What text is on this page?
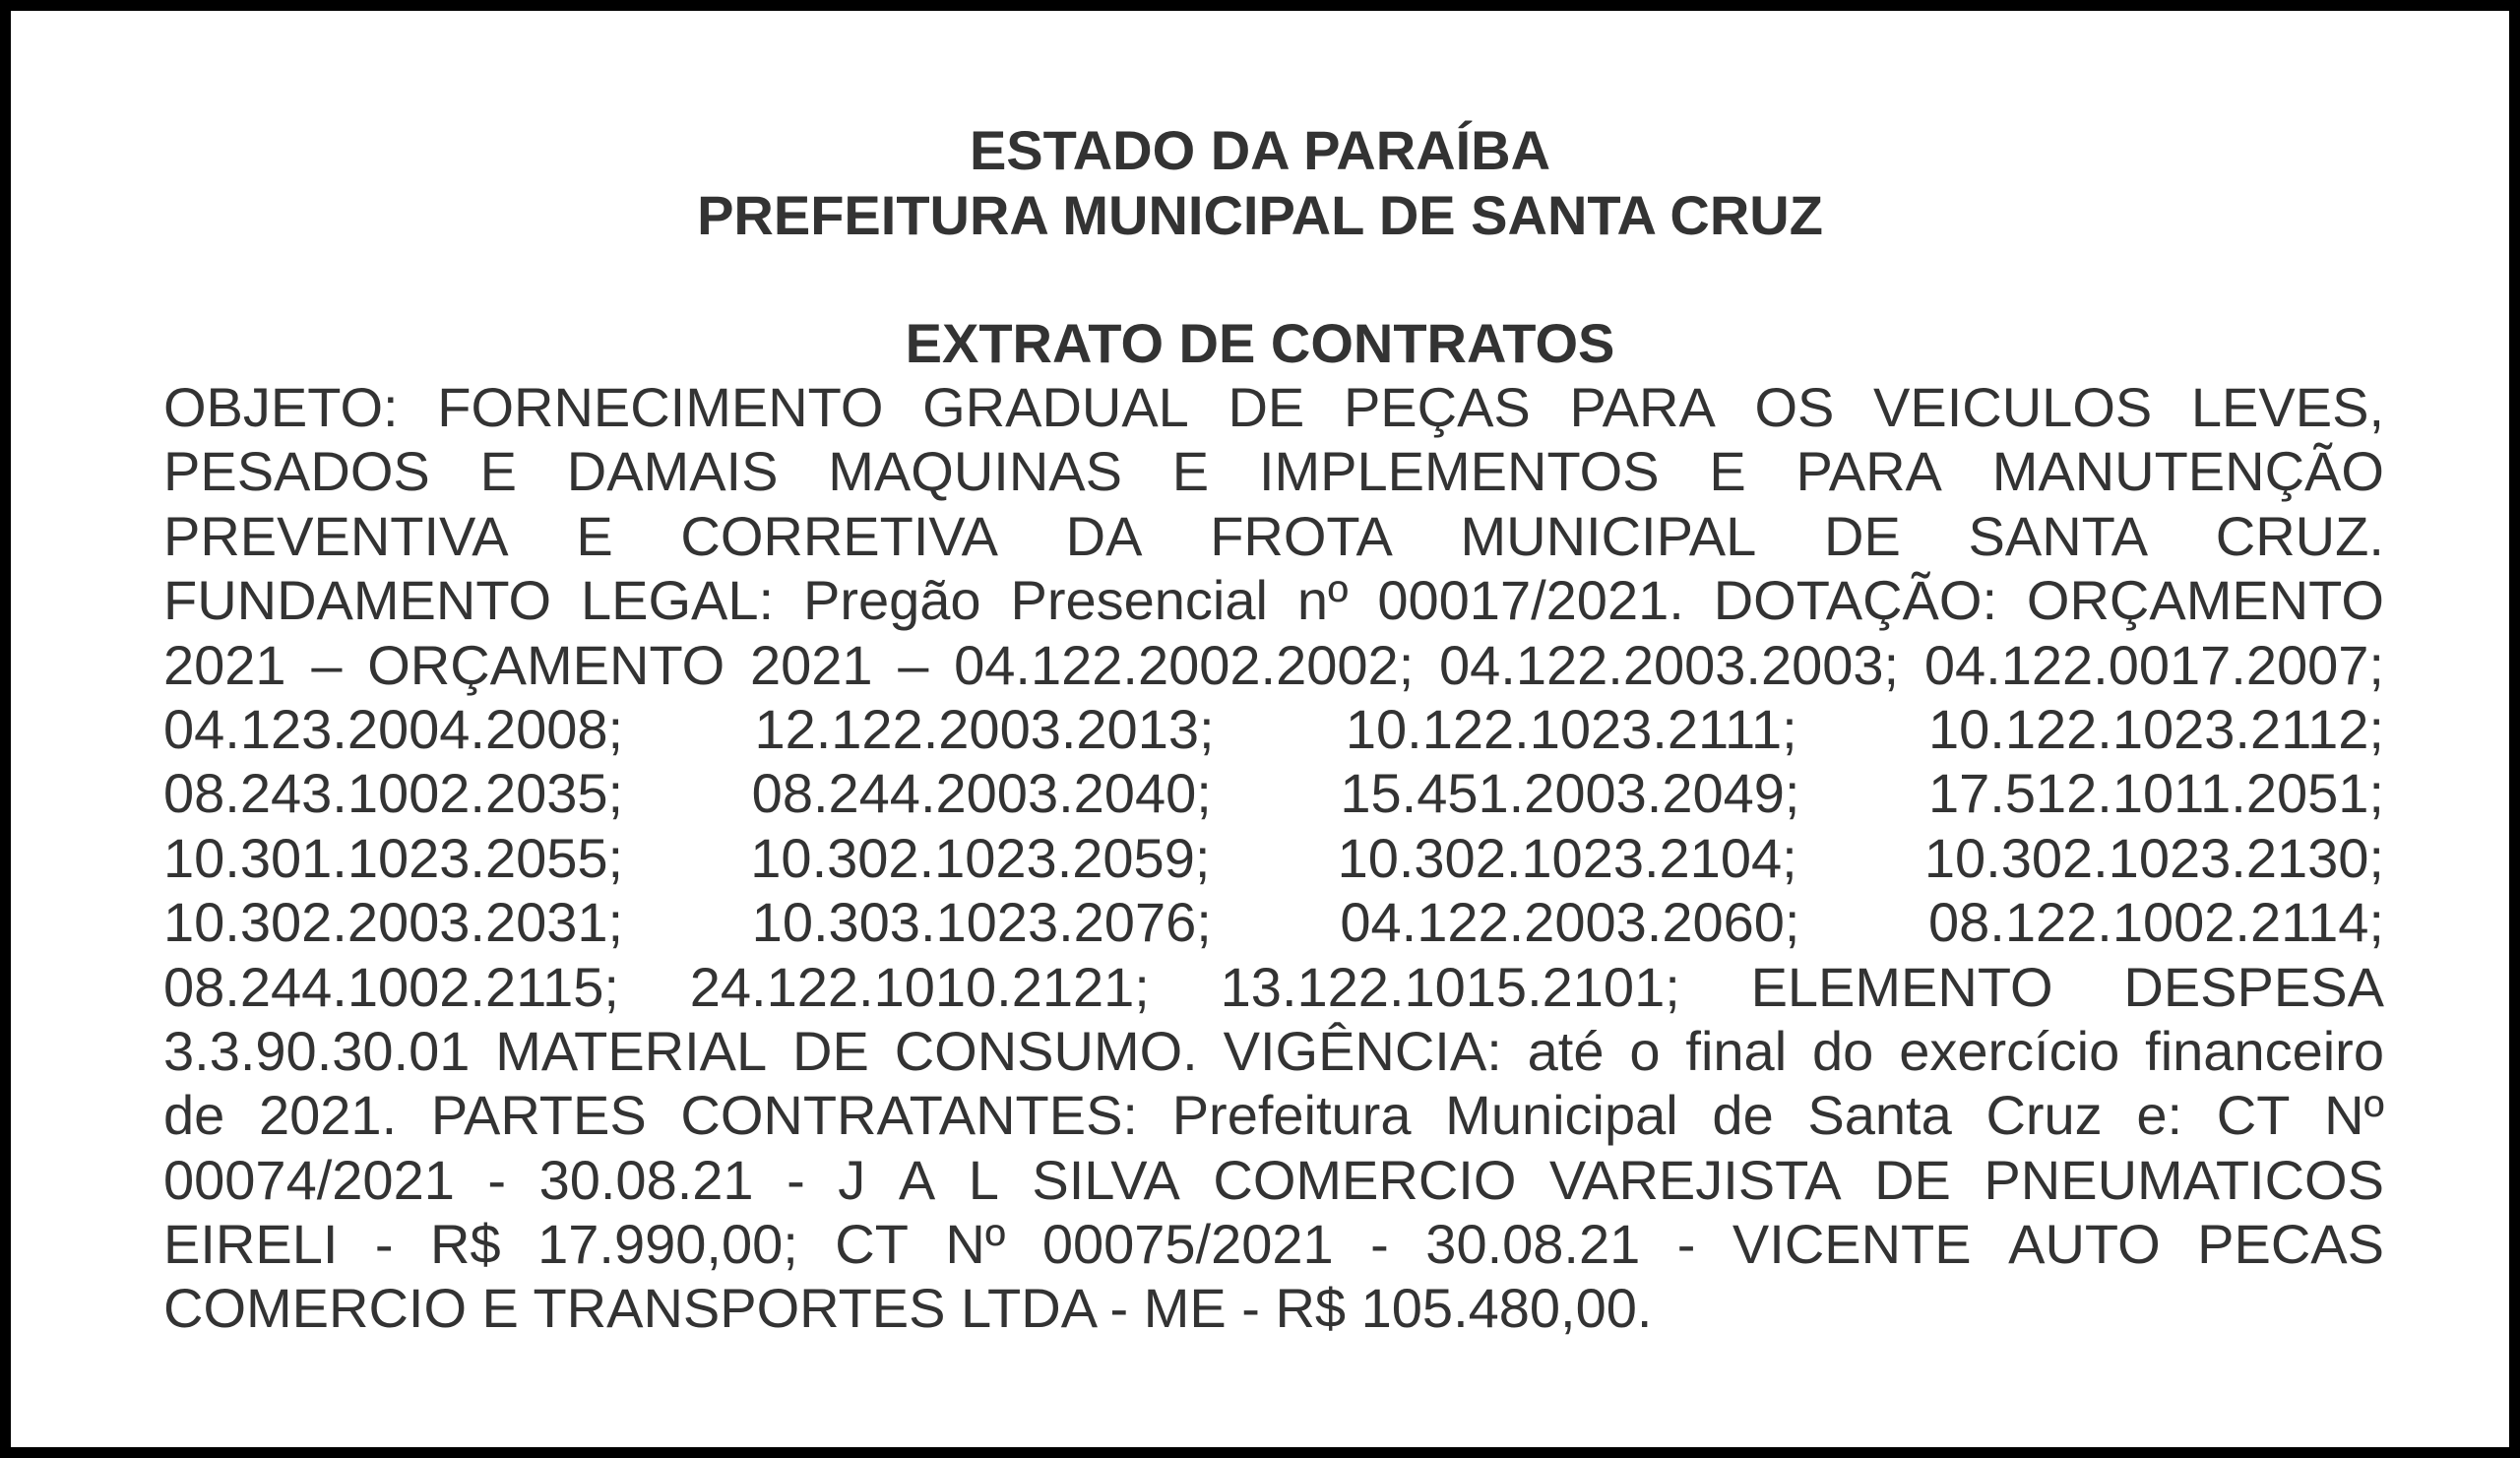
ESTADO DA PARAÍBA
PREFEITURA MUNICIPAL DE SANTA CRUZ
EXTRATO DE CONTRATOS
OBJETO: FORNECIMENTO GRADUAL DE PEÇAS PARA OS VEICULOS LEVES,
PESADOS E DAMAIS MAQUINAS E IMPLEMENTOS E PARA MANUTENÇÃO
PREVENTIVA E CORRETIVA DA FROTA MUNICIPAL DE SANTA CRUZ.
FUNDAMENTO LEGAL: Pregão Presencial nº 00017/2021. DOTAÇÃO: ORÇAMENTO
2021 – ORÇAMENTO 2021 – 04.122.2002.2002; 04.122.2003.2003; 04.122.0017.2007;
04.123.2004.2008; 12.122.2003.2013; 10.122.1023.2111; 10.122.1023.2112;
08.243.1002.2035; 08.244.2003.2040; 15.451.2003.2049; 17.512.1011.2051;
10.301.1023.2055; 10.302.1023.2059; 10.302.1023.2104; 10.302.1023.2130;
10.302.2003.2031; 10.303.1023.2076; 04.122.2003.2060; 08.122.1002.2114;
08.244.1002.2115; 24.122.1010.2121; 13.122.1015.2101; ELEMENTO DESPESA
3.3.90.30.01 MATERIAL DE CONSUMO. VIGÊNCIA: até o final do exercício financeiro
de 2021. PARTES CONTRATANTES: Prefeitura Municipal de Santa Cruz e: CT Nº
00074/2021 - 30.08.21 - J A L SILVA COMERCIO VAREJISTA DE PNEUMATICOS
EIRELI - R$ 17.990,00; CT Nº 00075/2021 - 30.08.21 - VICENTE AUTO PECAS
COMERCIO E TRANSPORTES LTDA - ME - R$ 105.480,00.
